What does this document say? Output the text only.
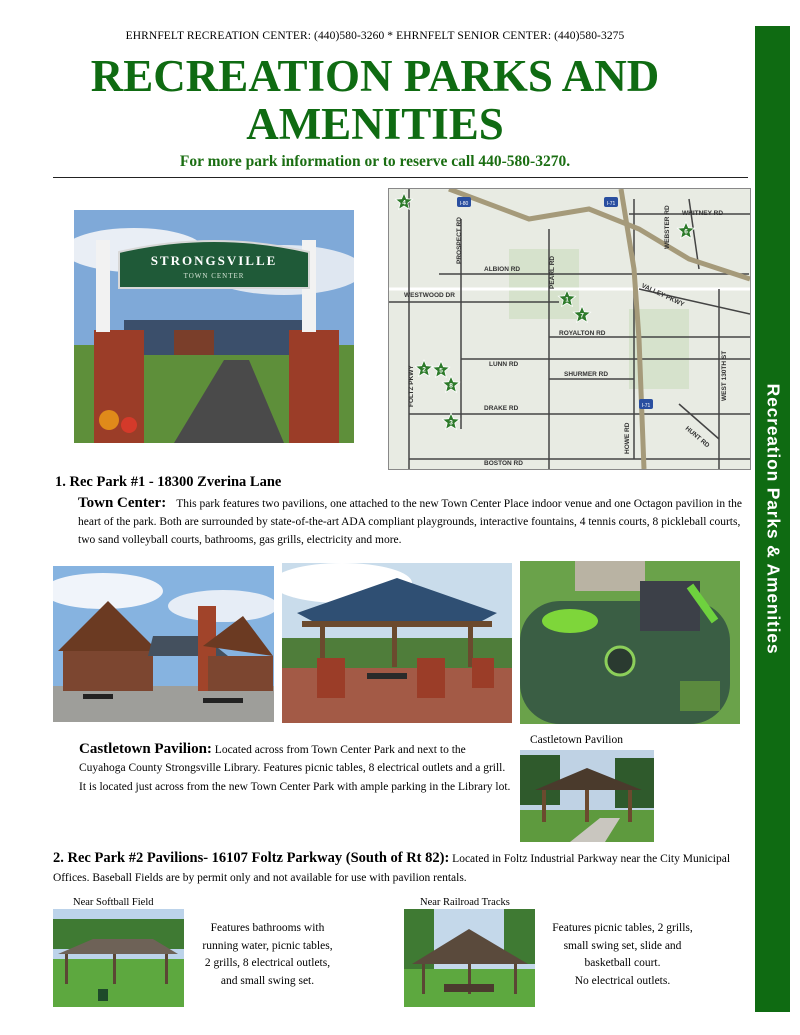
EHRNFELT RECREATION CENTER: (440)580-3260 * EHRNFELT SENIOR CENTER: (440)580-3275
RECREATION PARKS AND
AMENITIES
For more park information or to reserve call 440-580-3270.
Recreation Parks & Amenities
STRONGSVILLE
TOWN CENTER
WHITNEY RD
PROSPECT RD	WEBSTER RD
ALBION RD	PEARL RD
VALLEY PKWY
WESTWOOD DR
ROYALTON RD
LUNN RD
SHURMER RD
FOLTZ PKWY
DRAKE RD
HUNT RD
WEST 130TH ST
HOWE RD
BOSTON RD
I-80	I-71
I-71
4
6
1
7
2 5
8
3
1. Rec Park #1 - 18300 Zverina Lane
Town Center: This park features two pavilions, one attached to the new Town Center Place indoor venue and one Octagon pavilion in the heart of the park. Both are surrounded by state-of-the-art ADA compliant playgrounds, interactive fountains, 4 tennis courts, 8 pickleball courts, two sand volleyball courts, bathrooms, gas grills, electricity and more.
Castletown Pavilion: Located across from Town Center Park and next to the Cuyahoga County Strongsville Library. Features picnic tables, 8 electrical outlets and a grill. It is located just across from the new Town Center Park with ample parking in the Library lot.
Castletown Pavilion
2. Rec Park #2 Pavilions- 16107 Foltz Parkway (South of Rt 82): Located in Foltz Industrial Parkway near the City Municipal Offices. Baseball Fields are by permit only and not available for use with pavilion rentals.
Near Softball Field
Features bathrooms with
running water, picnic tables,
2 grills, 8 electrical outlets,
and small swing set.
Near Railroad Tracks
Features picnic tables, 2 grills,
small swing set, slide and
basketball court.
No electrical outlets.
